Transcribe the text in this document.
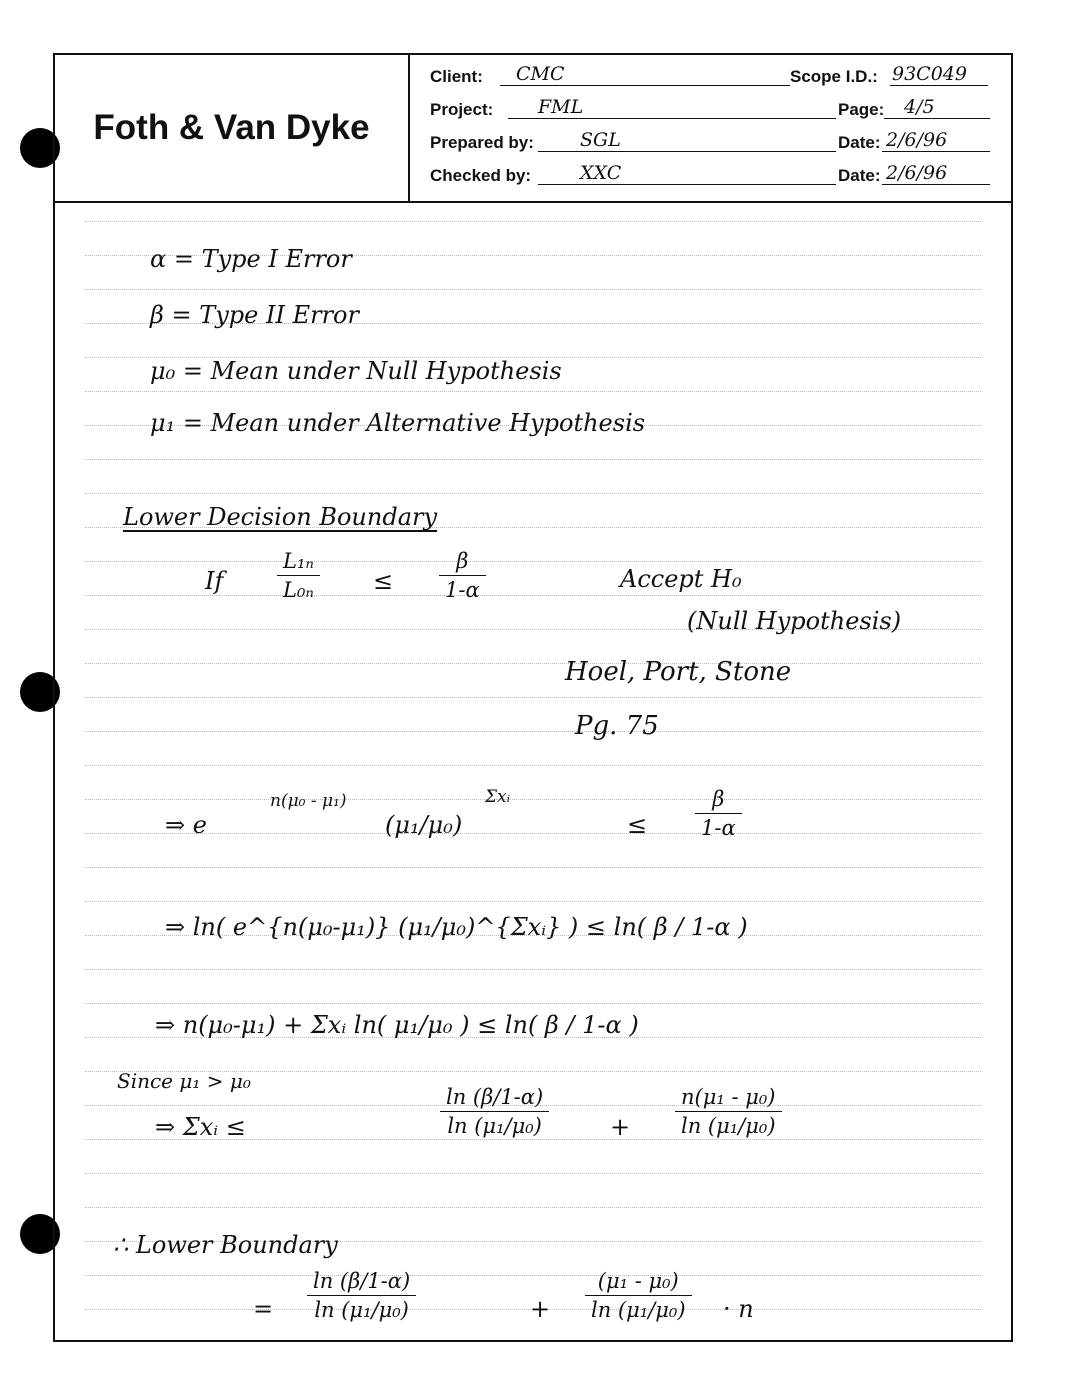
Foth & Van Dyke
Client: CMC	Scope I.D.: 93C049
Project: FML	Page: 4/5
Prepared by: SGL	Date: 2/6/96
Checked by:	XXC	Date: 2/6/96
α = Type I Error
β = Type II Error
μ₀ = Mean under Null Hypothesis
μ₁ = Mean under Alternative Hypothesis
Lower Decision Boundary
If
L₁ₙ
L₀ₙ ≤
β
1-α	Accept H₀
(Null Hypothesis)
Hoel, Port, Stone
Pg. 75
⇒ e
n(μ₀ - μ₁)
(μ₁/μ₀)
Σxᵢ
≤
β
1-α
⇒ ln( e^{n(μ₀-μ₁)} (μ₁/μ₀)^{Σxᵢ} ) ≤ ln( β / 1-α )
⇒ n(μ₀-μ₁) + Σxᵢ ln( μ₁/μ₀ ) ≤ ln( β / 1-α )
Since μ₁ > μ₀
⇒ Σxᵢ ≤
ln (β/1-α)
ln (μ₁/μ₀)	+
n(μ₁ - μ₀)
ln (μ₁/μ₀)
∴ Lower Boundary
=
ln (β/1-α)
ln (μ₁/μ₀)	+
(μ₁ - μ₀)
ln (μ₁/μ₀) · n
